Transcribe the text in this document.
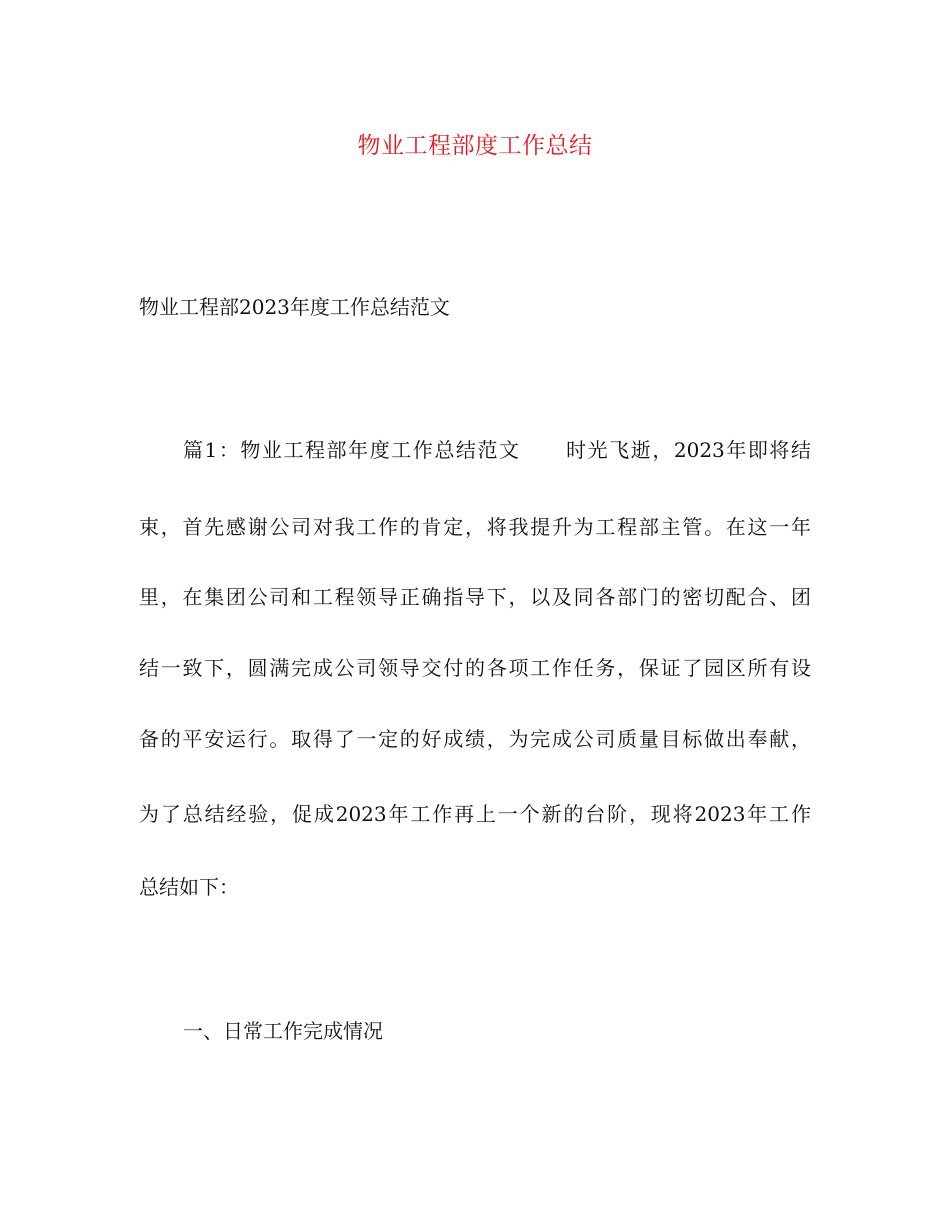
物业工程部度工作总结
物业工程部2023年度工作总结范文
篇1：物业工程部年度工作总结范文 时光飞逝，2023年即将结
束，首先感谢公司对我工作的肯定，将我提升为工程部主管。在这一年
里，在集团公司和工程领导正确指导下，以及同各部门的密切配合、团
结一致下，圆满完成公司领导交付的各项工作任务，保证了园区所有设
备的平安运行。取得了一定的好成绩，为完成公司质量目标做出奉献，
为了总结经验，促成2023年工作再上一个新的台阶，现将2023年工作
总结如下：
一、日常工作完成情况
